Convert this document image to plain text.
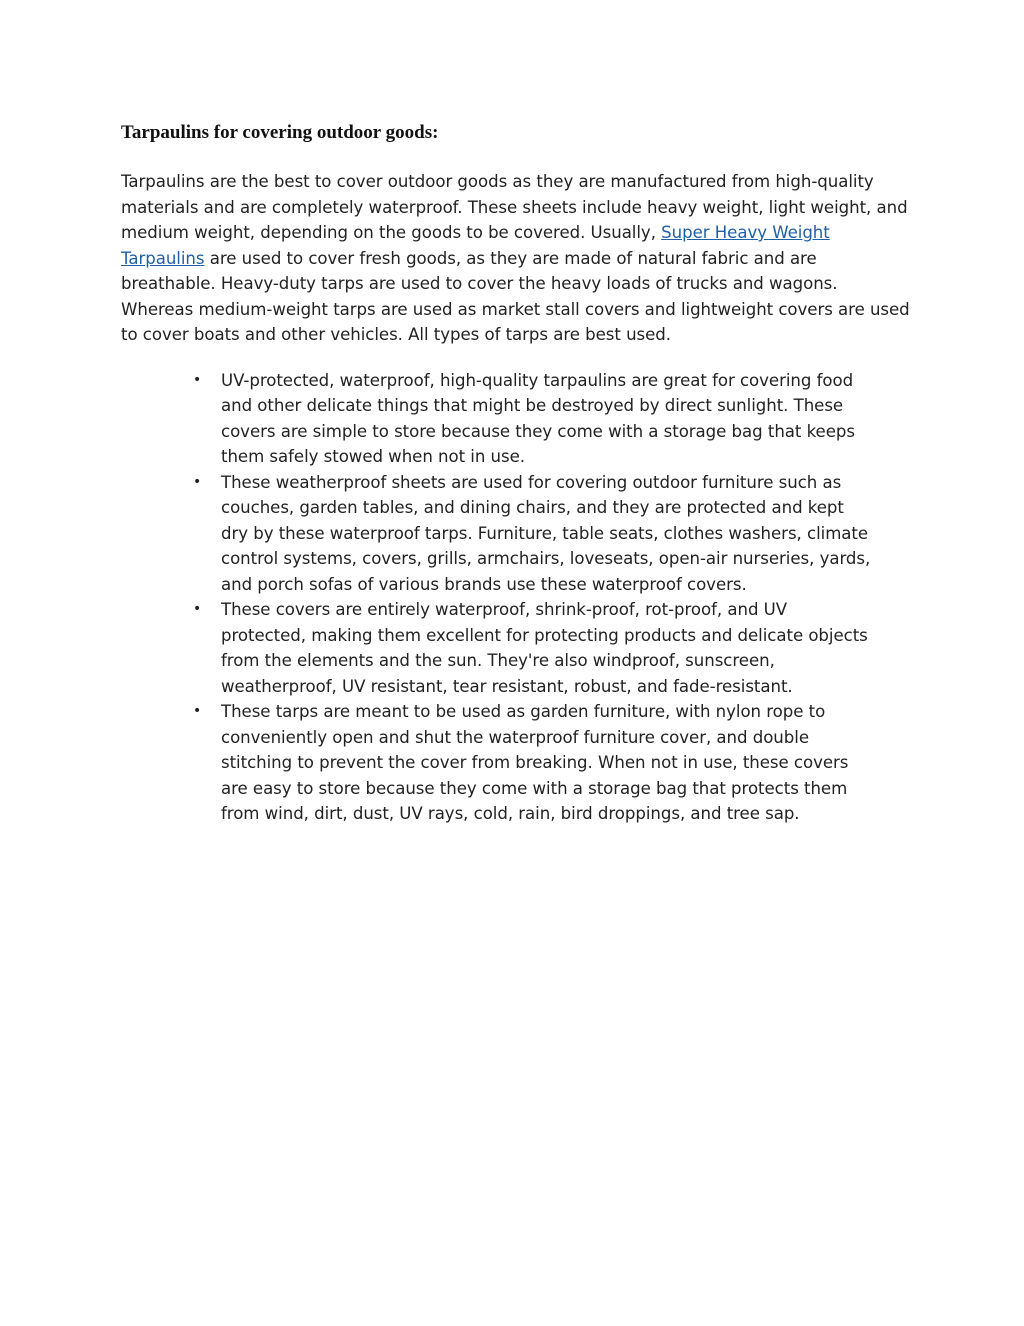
Tarpaulins for covering outdoor goods:

Tarpaulins are the best to cover outdoor goods as they are manufactured from high-quality materials and are completely waterproof. These sheets include heavy weight, light weight, and medium weight, depending on the goods to be covered. Usually, Super Heavy Weight Tarpaulins are used to cover fresh goods, as they are made of natural fabric and are breathable. Heavy-duty tarps are used to cover the heavy loads of trucks and wagons. Whereas medium-weight tarps are used as market stall covers and lightweight covers are used to cover boats and other vehicles. All types of tarps are best used.

• UV-protected, waterproof, high-quality tarpaulins are great for covering food and other delicate things that might be destroyed by direct sunlight. These covers are simple to store because they come with a storage bag that keeps them safely stowed when not in use.
• These weatherproof sheets are used for covering outdoor furniture such as couches, garden tables, and dining chairs, and they are protected and kept dry by these waterproof tarps. Furniture, table seats, clothes washers, climate control systems, covers, grills, armchairs, loveseats, open-air nurseries, yards, and porch sofas of various brands use these waterproof covers.
• These covers are entirely waterproof, shrink-proof, rot-proof, and UV protected, making them excellent for protecting products and delicate objects from the elements and the sun. They're also windproof, sunscreen, weatherproof, UV resistant, tear resistant, robust, and fade-resistant.
• These tarps are meant to be used as garden furniture, with nylon rope to conveniently open and shut the waterproof furniture cover, and double stitching to prevent the cover from breaking. When not in use, these covers are easy to store because they come with a storage bag that protects them from wind, dirt, dust, UV rays, cold, rain, bird droppings, and tree sap.
